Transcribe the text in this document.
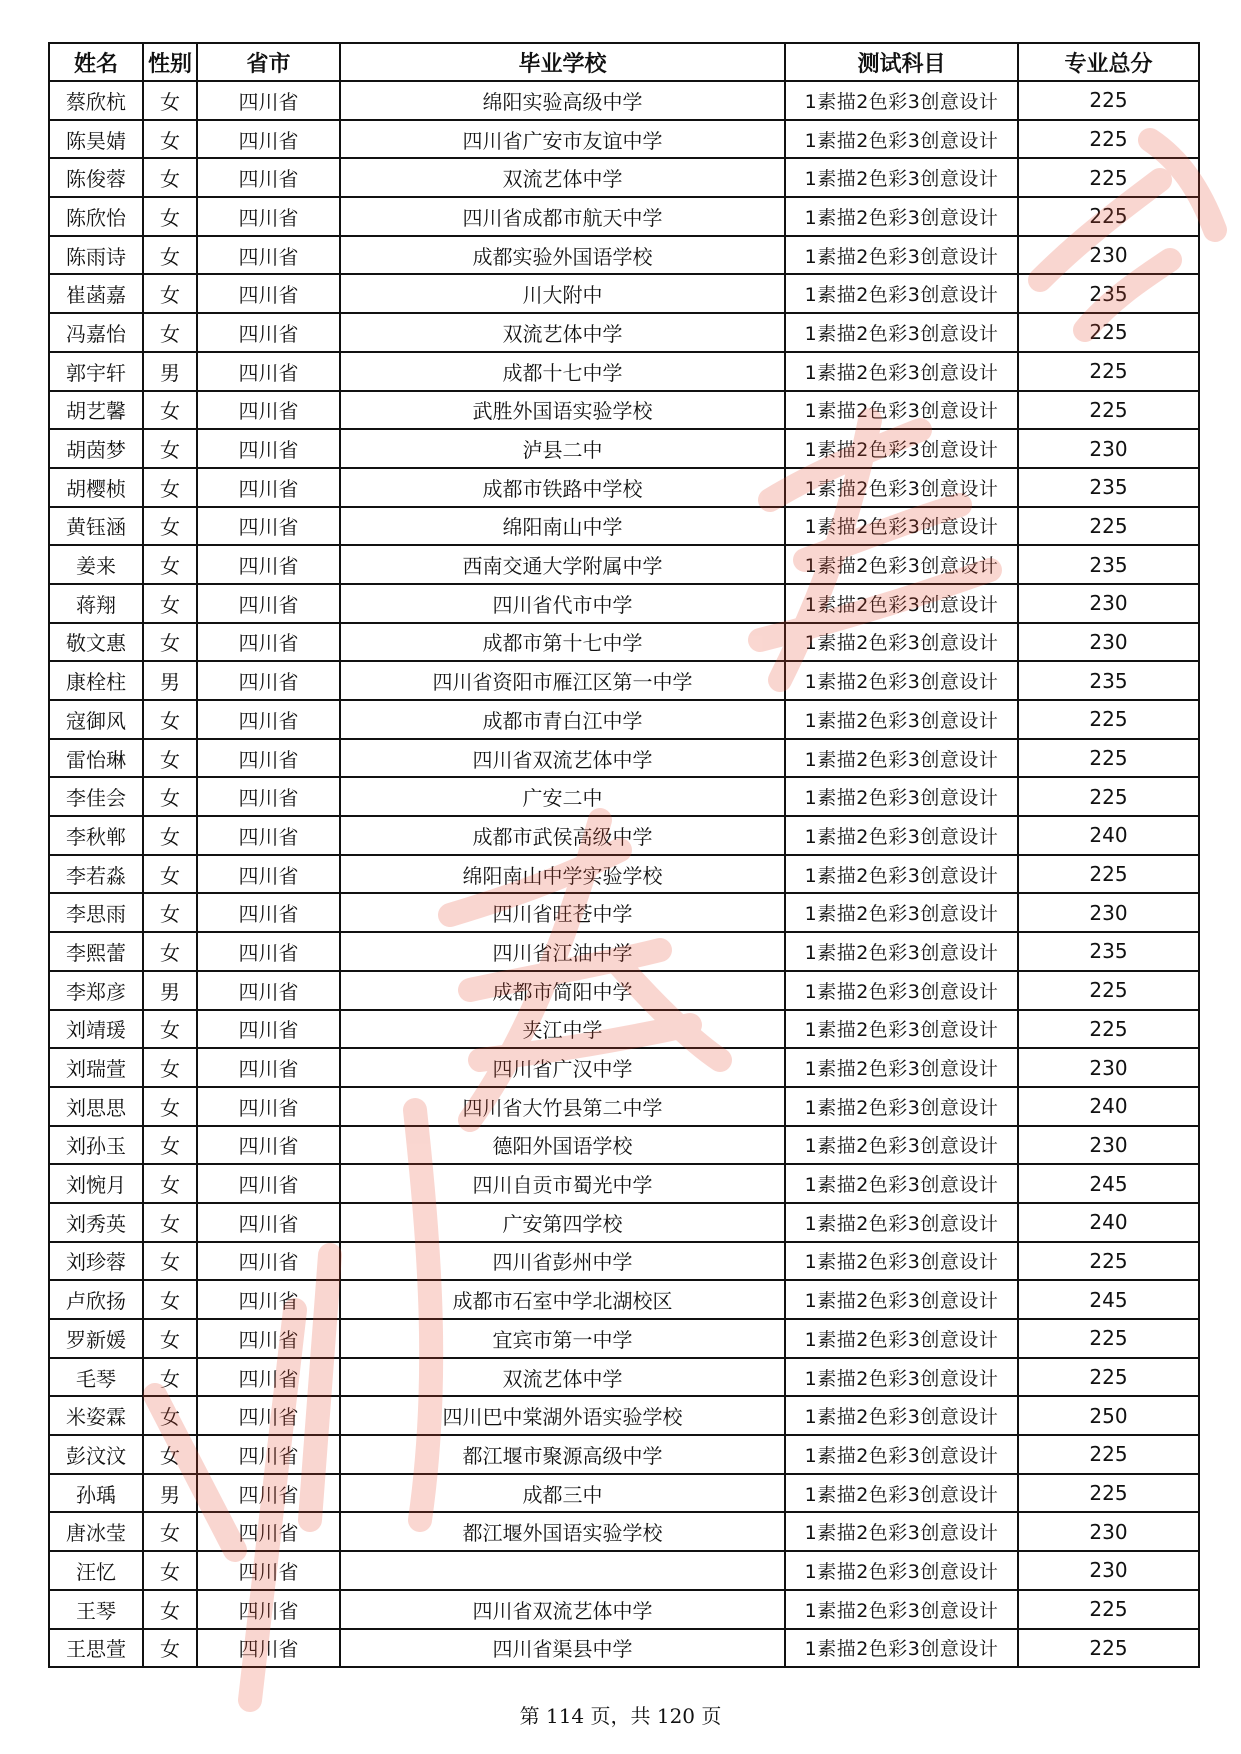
姓名	性别	省市	毕业学校	测试科目	专业总分
蔡欣杭	女	四川省	绵阳实验高级中学	1素描2色彩3创意设计	225
陈昊婧	女	四川省	四川省广安市友谊中学	1素描2色彩3创意设计	225
陈俊蓉	女	四川省	双流艺体中学	1素描2色彩3创意设计	225
陈欣怡	女	四川省	四川省成都市航天中学	1素描2色彩3创意设计	225
陈雨诗	女	四川省	成都实验外国语学校	1素描2色彩3创意设计	230
崔菡嘉	女	四川省	川大附中	1素描2色彩3创意设计	235
冯嘉怡	女	四川省	双流艺体中学	1素描2色彩3创意设计	225
郭宇轩	男	四川省	成都十七中学	1素描2色彩3创意设计	225
胡艺馨	女	四川省	武胜外国语实验学校	1素描2色彩3创意设计	225
胡茵梦	女	四川省	泸县二中	1素描2色彩3创意设计	230
胡樱桢	女	四川省	成都市铁路中学校	1素描2色彩3创意设计	235
黄钰涵	女	四川省	绵阳南山中学	1素描2色彩3创意设计	225
姜来	女	四川省	西南交通大学附属中学	1素描2色彩3创意设计	235
蒋翔	女	四川省	四川省代市中学	1素描2色彩3创意设计	230
敬文惠	女	四川省	成都市第十七中学	1素描2色彩3创意设计	230
康栓柱	男	四川省	四川省资阳市雁江区第一中学	1素描2色彩3创意设计	235
寇御风	女	四川省	成都市青白江中学	1素描2色彩3创意设计	225
雷怡琳	女	四川省	四川省双流艺体中学	1素描2色彩3创意设计	225
李佳会	女	四川省	广安二中	1素描2色彩3创意设计	225
李秋郸	女	四川省	成都市武侯高级中学	1素描2色彩3创意设计	240
李若淼	女	四川省	绵阳南山中学实验学校	1素描2色彩3创意设计	225
李思雨	女	四川省	四川省旺苍中学	1素描2色彩3创意设计	230
李熙蕾	女	四川省	四川省江油中学	1素描2色彩3创意设计	235
李郑彦	男	四川省	成都市简阳中学	1素描2色彩3创意设计	225
刘靖瑗	女	四川省	夹江中学	1素描2色彩3创意设计	225
刘瑞萱	女	四川省	四川省广汉中学	1素描2色彩3创意设计	230
刘思思	女	四川省	四川省大竹县第二中学	1素描2色彩3创意设计	240
刘孙玉	女	四川省	德阳外国语学校	1素描2色彩3创意设计	230
刘惋月	女	四川省	四川自贡市蜀光中学	1素描2色彩3创意设计	245
刘秀英	女	四川省	广安第四学校	1素描2色彩3创意设计	240
刘珍蓉	女	四川省	四川省彭州中学	1素描2色彩3创意设计	225
卢欣扬	女	四川省	成都市石室中学北湖校区	1素描2色彩3创意设计	245
罗新媛	女	四川省	宜宾市第一中学	1素描2色彩3创意设计	225
毛琴	女	四川省	双流艺体中学	1素描2色彩3创意设计	225
米姿霖	女	四川省	四川巴中棠湖外语实验学校	1素描2色彩3创意设计	250
彭汶汶	女	四川省	都江堰市聚源高级中学	1素描2色彩3创意设计	225
孙瑀	男	四川省	成都三中	1素描2色彩3创意设计	225
唐冰莹	女	四川省	都江堰外国语实验学校	1素描2色彩3创意设计	230
汪忆	女	四川省		1素描2色彩3创意设计	230
王琴	女	四川省	四川省双流艺体中学	1素描2色彩3创意设计	225
王思萱	女	四川省	四川省渠县中学	1素描2色彩3创意设计	225
第 114 页，共 120 页
